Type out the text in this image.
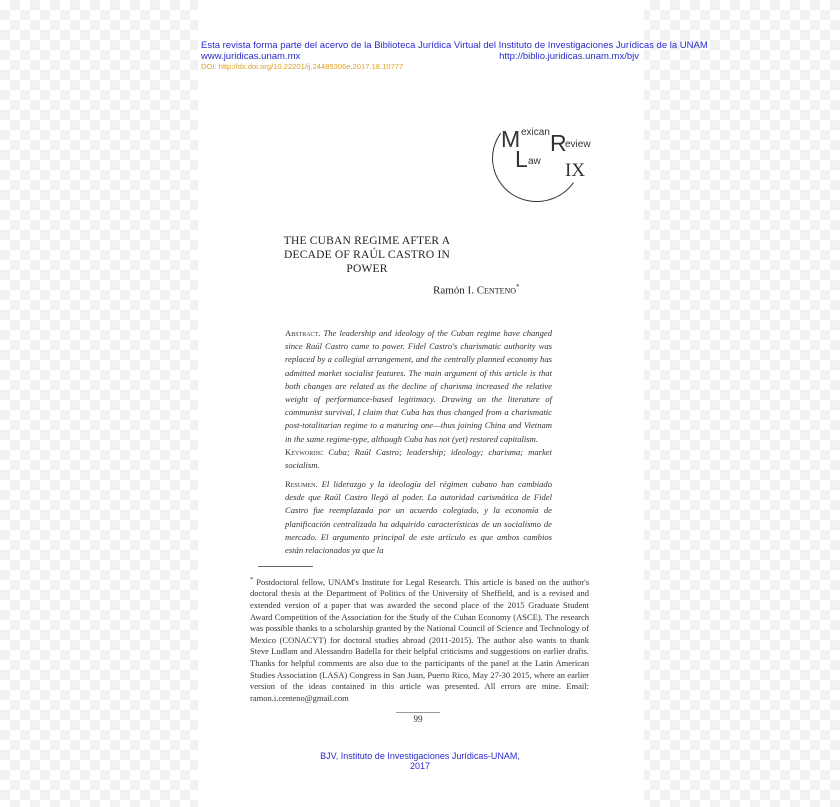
Esta revista forma parte del acervo de la Biblioteca Jurídica Virtual del Instituto de Investigaciones Jurídicas de la UNAM
www.juridicas.unam.mx	http://biblio.juridicas.unam.mx/bjv
DOI: http://dx.doi.org/10.22201/ij.24485306e.2017.18.10777
M exican R
eview
L aw IX
THE CUBAN REGIME AFTER A DECADE OF RAÚL CASTRO IN POWER
Ramón I. Centeno*
Abstract. The leadership and ideology of the Cuban regime have changed since Raúl Castro came to power. Fidel Castro's charismatic authority was replaced by a collegial arrangement, and the centrally planned economy has admitted market socialist features. The main argument of this article is that both changes are related as the decline of charisma increased the relative weight of performance-based legitimacy. Drawing on the literature of communist survival, I claim that Cuba has thus changed from a charismatic post-totalitarian regime to a maturing one—thus joining China and Vietnam in the same regime-type, although Cuba has not (yet) restored capitalism.
Keywords: Cuba; Raúl Castro; leadership; ideology; charisma; market socialism.
Resumen. El liderazgo y la ideología del régimen cubano han cambiado desde que Raúl Castro llegó al poder. La autoridad carismática de Fidel Castro fue reemplazada por un acuerdo colegiado, y la economía de planificación centralizada ha adquirido características de un socialismo de mercado. El argumento principal de este artículo es que ambos cambios están relacionados ya que la
* Postdoctoral fellow, UNAM's Institute for Legal Research. This article is based on the author's doctoral thesis at the Department of Politics of the University of Sheffield, and is a revised and extended version of a paper that was awarded the second place of the 2015 Graduate Student Award Competition of the Association for the Study of the Cuban Economy (ASCE). The research was possible thanks to a scholarship granted by the National Council of Science and Technology of Mexico (CONACYT) for doctoral studies abroad (2011-2015). The author also wants to thank Steve Ludlam and Alessandro Badella for their helpful criticisms and suggestions on earlier drafts. Thanks for helpful comments are also due to the participants of the panel at the Latin American Studies Association (LASA) Congress in San Juan, Puerto Rico, May 27-30 2015, where an earlier version of the ideas contained in this article was presented. All errors are mine. Email: ramon.i.centeno@gmail.com
99
BJV, Instituto de Investigaciones Jurídicas-UNAM,
2017
